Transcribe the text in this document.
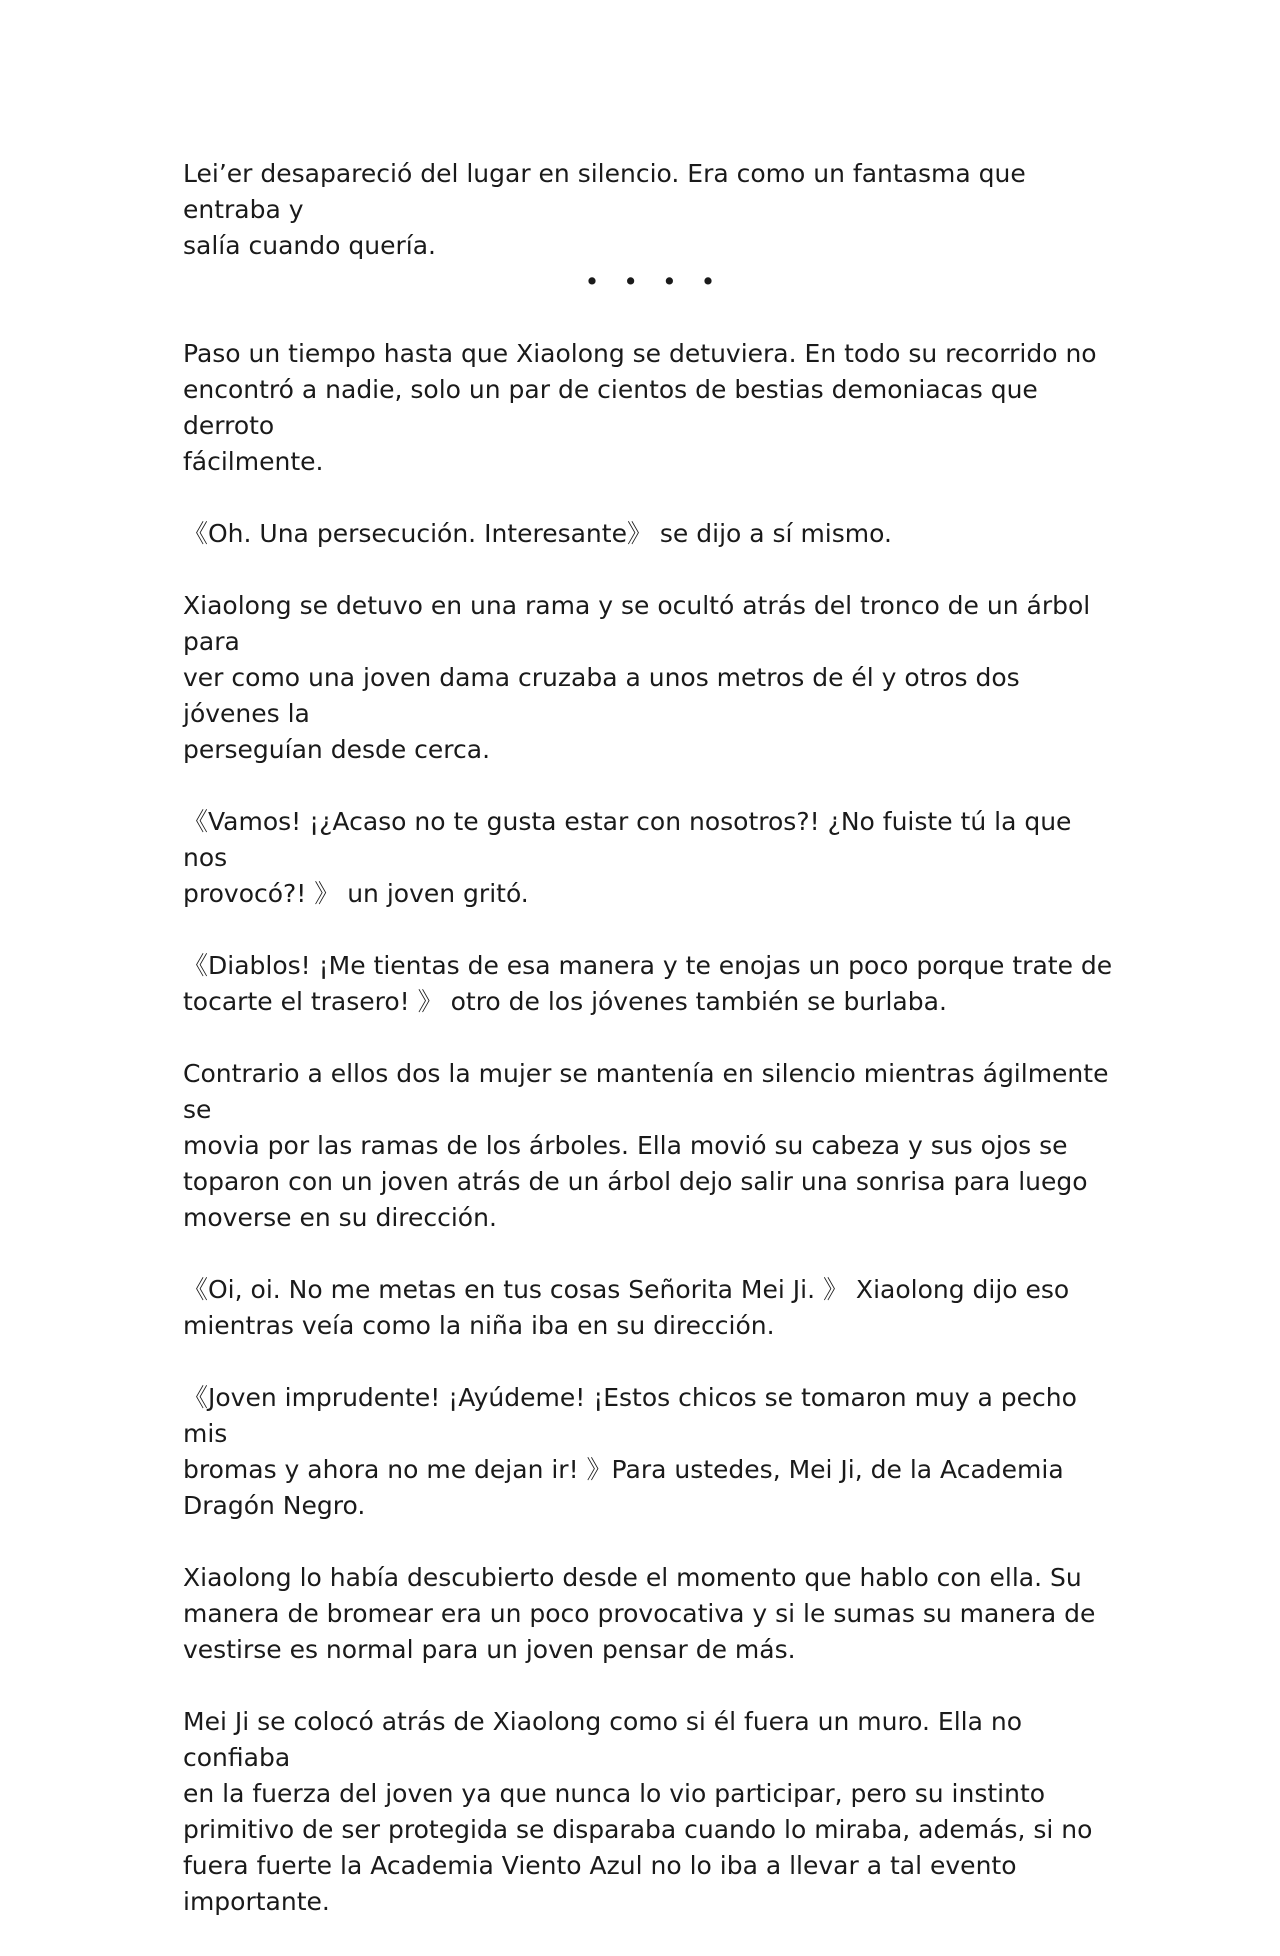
Lei’er desapareció del lugar en silencio. Era como un fantasma que entraba y
salía cuando quería.

• • • •

Paso un tiempo hasta que Xiaolong se detuviera. En todo su recorrido no
encontró a nadie, solo un par de cientos de bestias demoniacas que derroto
fácilmente.

《Oh. Una persecución. Interesante》 se dijo a sí mismo.

Xiaolong se detuvo en una rama y se ocultó atrás del tronco de un árbol para
ver como una joven dama cruzaba a unos metros de él y otros dos jóvenes la
perseguían desde cerca.

《Vamos! ¡¿Acaso no te gusta estar con nosotros?! ¿No fuiste tú la que nos
provocó?! 》 un joven gritó.

《Diablos! ¡Me tientas de esa manera y te enojas un poco porque trate de
tocarte el trasero! 》 otro de los jóvenes también se burlaba.

Contrario a ellos dos la mujer se mantenía en silencio mientras ágilmente se
movia por las ramas de los árboles. Ella movió su cabeza y sus ojos se
toparon con un joven atrás de un árbol dejo salir una sonrisa para luego
moverse en su dirección.

《Oi, oi. No me metas en tus cosas Señorita Mei Ji. 》 Xiaolong dijo eso
mientras veía como la niña iba en su dirección.

《Joven imprudente! ¡Ayúdeme! ¡Estos chicos se tomaron muy a pecho mis
bromas y ahora no me dejan ir! 》Para ustedes, Mei Ji, de la Academia
Dragón Negro.

Xiaolong lo había descubierto desde el momento que hablo con ella. Su
manera de bromear era un poco provocativa y si le sumas su manera de
vestirse es normal para un joven pensar de más.

Mei Ji se colocó atrás de Xiaolong como si él fuera un muro. Ella no confiaba
en la fuerza del joven ya que nunca lo vio participar, pero su instinto
primitivo de ser protegida se disparaba cuando lo miraba, además, si no
fuera fuerte la Academia Viento Azul no lo iba a llevar a tal evento
importante.
